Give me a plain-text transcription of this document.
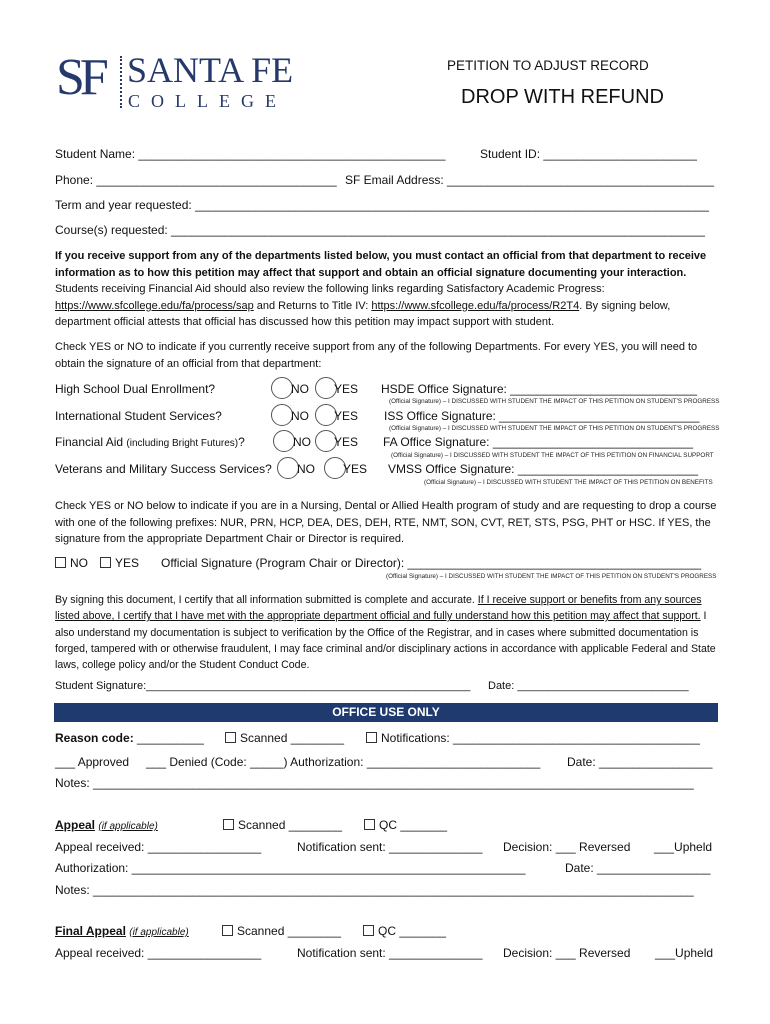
SF SANTA FE
COLLEGE
PETITION TO ADJUST RECORD
DROP WITH REFUND
Student Name: ______________________________________________	Student ID: _______________________
Phone: ____________________________________ SF Email Address: ________________________________________
Term and year requested: _____________________________________________________________________________
Course(s) requested: ________________________________________________________________________________
If you receive support from any of the departments listed below, you must contact an official from that department to receive information as to how this petition may affect that support and obtain an official signature documenting your interaction. Students receiving Financial Aid should also review the following links regarding Satisfactory Academic Progress: https://www.sfcollege.edu/fa/process/sap and Returns to Title IV: https://www.sfcollege.edu/fa/process/R2T4. By signing below, department official attests that official has discussed how this petition may impact support with student.
Check YES or NO to indicate if you currently receive support from any of the following Departments. For every YES, you will need to obtain the signature of an official from that department:
High School Dual Enrollment?	NO YES HSDE Office Signature: ____________________________
(Official Signature) – I DISCUSSED WITH STUDENT THE IMPACT OF THIS PETITION ON STUDENT'S PROGRESS
International Student Services?	NO YES ISS Office Signature: ______________________________
(Official Signature) – I DISCUSSED WITH STUDENT THE IMPACT OF THIS PETITION ON STUDENT'S PROGRESS
Financial Aid (including Bright Futures)?	NO YES FA Office Signature: ______________________________
(Official Signature) – I DISCUSSED WITH STUDENT THE IMPACT OF THIS PETITION ON FINANCIAL SUPPORT
Veterans and Military Success Services? NO YES VMSS Office Signature: ___________________________
(Official Signature) – I DISCUSSED WITH STUDENT THE IMPACT OF THIS PETITION ON BENEFITS
Check YES or NO below to indicate if you are in a Nursing, Dental or Allied Health program of study and are requesting to drop a course with one of the following prefixes: NUR, PRN, HCP, DEA, DES, DEH, RTE, NMT, SON, CVT, RET, STS, PSG, PHT or HSC. If YES, the signature from the appropriate Department Chair or Director is required.
NO	YES Official Signature (Program Chair or Director): ____________________________________________
(Official Signature) – I DISCUSSED WITH STUDENT THE IMPACT OF THIS PETITION ON STUDENT'S PROGRESS
By signing this document, I certify that all information submitted is complete and accurate. If I receive support or benefits from any sources listed above, I certify that I have met with the appropriate department official and fully understand how this petition may affect that support. I also understand my documentation is subject to verification by the Office of the Registrar, and in cases where submitted documentation is forged, tampered with or otherwise fraudulent, I may face criminal and/or disciplinary actions in accordance with applicable Federal and State laws, college policy and/or the Student Conduct Code.
Student Signature:_____________________________________________________ Date: ____________________________
OFFICE USE ONLY
Reason code: __________	Scanned ________	Notifications: _____________________________________
___ Approved ___ Denied (Code: _____) Authorization: __________________________ Date: _________________
Notes: __________________________________________________________________________________________
Appeal (if applicable)	Scanned ________	QC _______
Appeal received: _________________	Notification sent: ______________ Decision: ___ Reversed ___Upheld
Authorization: ___________________________________________________________	Date: _________________
Notes: __________________________________________________________________________________________
Final Appeal (if applicable)	Scanned ________	QC _______
Appeal received: _________________	Notification sent: ______________ Decision: ___ Reversed ___Upheld
